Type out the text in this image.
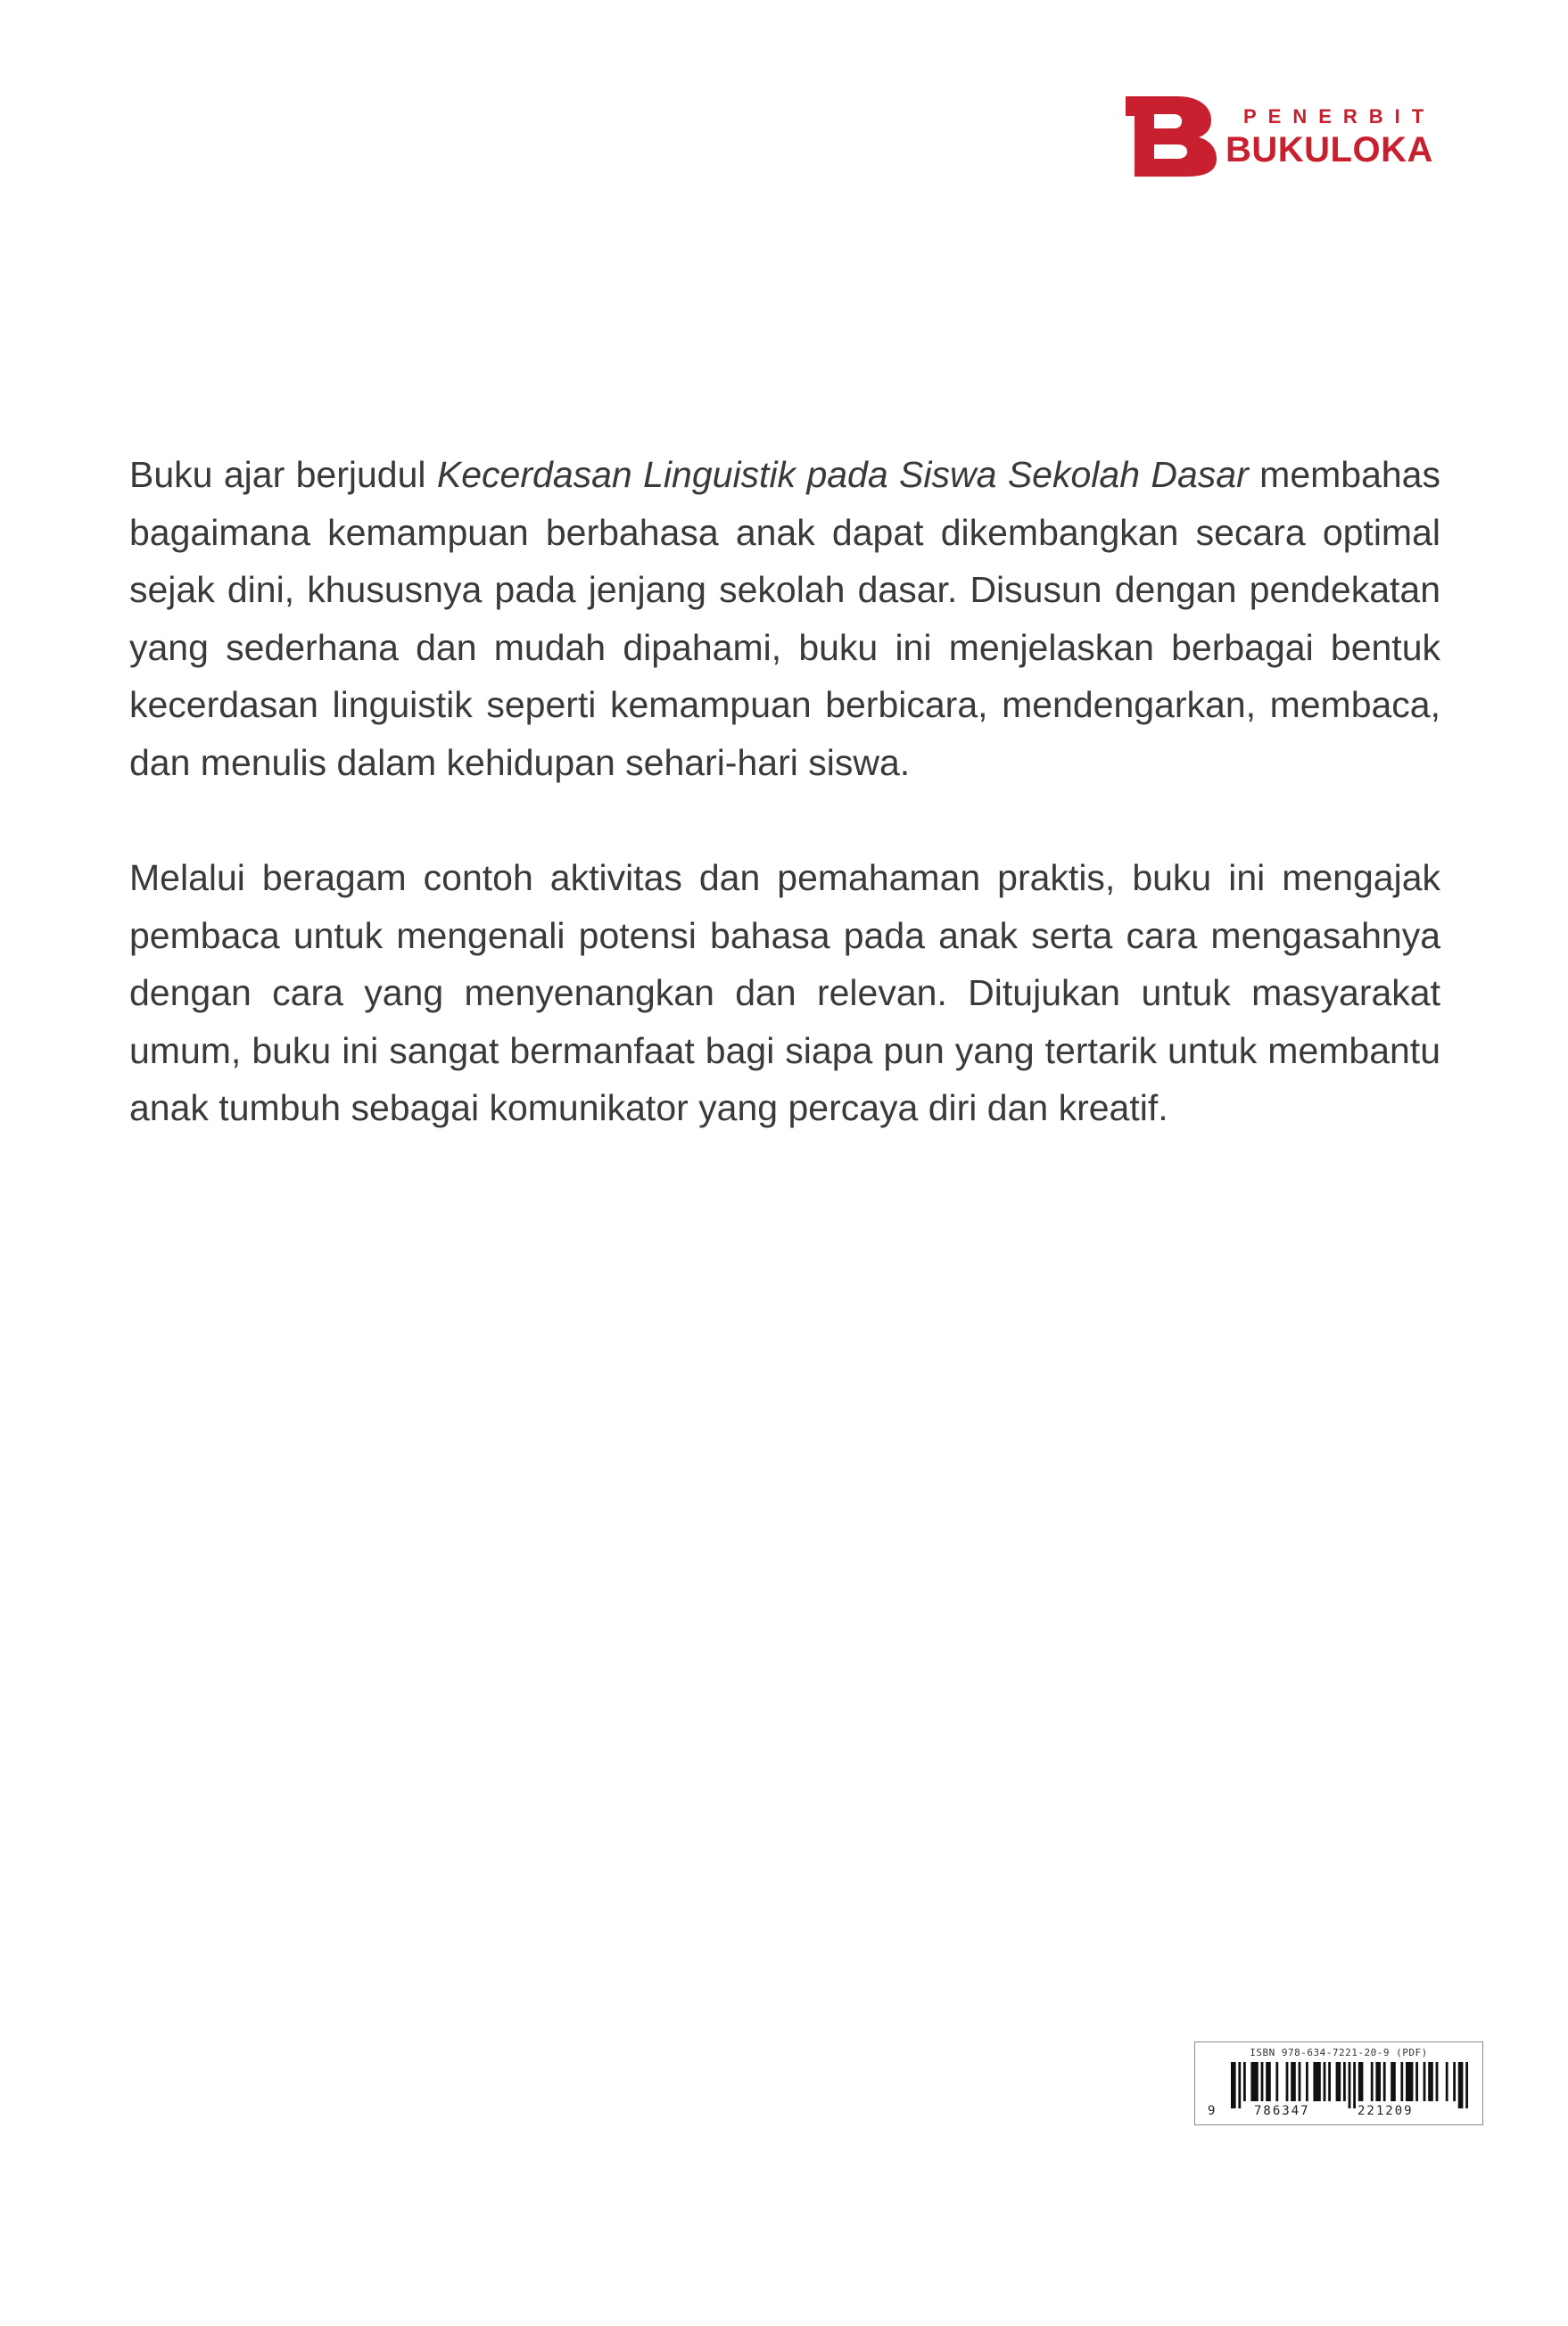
PENERBIT
BUKULOKA

Buku ajar berjudul Kecerdasan Linguistik pada Siswa Sekolah Dasar membahas bagaimana kemampuan berbahasa anak dapat dikembangkan secara optimal sejak dini, khususnya pada jenjang sekolah dasar. Disusun dengan pendekatan yang sederhana dan mudah dipahami, buku ini menjelaskan berbagai bentuk kecerdasan linguistik seperti kemampuan berbicara, mendengarkan, membaca, dan menulis dalam kehidupan sehari-hari siswa.

Melalui beragam contoh aktivitas dan pemahaman praktis, buku ini mengajak pembaca untuk mengenali potensi bahasa pada anak serta cara mengasahnya dengan cara yang menyenangkan dan relevan. Ditujukan untuk masyarakat umum, buku ini sangat bermanfaat bagi siapa pun yang tertarik untuk membantu anak tumbuh sebagai komunikator yang percaya diri dan kreatif.

ISBN 978-634-7221-20-9 (PDF)
9	786347	221209
